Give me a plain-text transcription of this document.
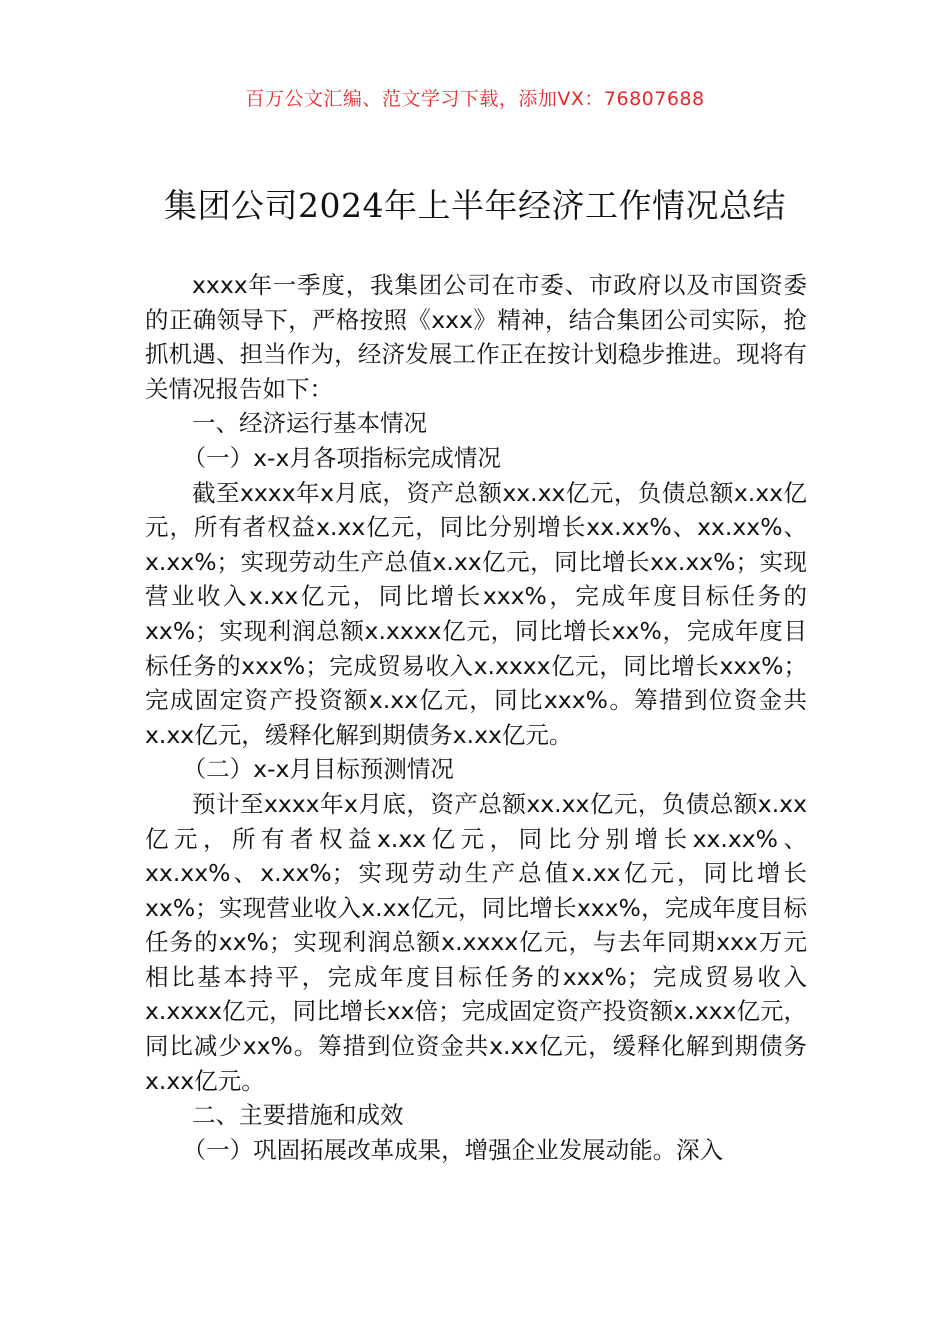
百万公文汇编、范文学习下载，添加VX：76807688
集团公司2024年上半年经济工作情况总结

xxxx年一季度，我集团公司在市委、市政府以及市国资委的正确领导下，严格按照《xxx》精神，结合集团公司实际，抢抓机遇、担当作为，经济发展工作正在按计划稳步推进。现将有关情况报告如下：

一、经济运行基本情况

（一）x-x月各项指标完成情况

截至xxxx年x月底，资产总额xx.xx亿元，负债总额x.xx亿元，所有者权益x.xx亿元，同比分别增长xx.xx%、xx.xx%、x.xx%；实现劳动生产总值x.xx亿元，同比增长xx.xx%；实现营业收入x.xx亿元，同比增长xxx%，完成年度目标任务的xx%；实现利润总额x.xxxx亿元，同比增长xx%，完成年度目标任务的xxx%；完成贸易收入x.xxxx亿元，同比增长xxx%；完成固定资产投资额x.xx亿元，同比xxx%。筹措到位资金共x.xx亿元，缓释化解到期债务x.xx亿元。

（二）x-x月目标预测情况

预计至xxxx年x月底，资产总额xx.xx亿元，负债总额x.xx亿元，所有者权益x.xx亿元，同比分别增长xx.xx%、xx.xx%、x.xx%；实现劳动生产总值x.xx亿元，同比增长xx%；实现营业收入x.xx亿元，同比增长xxx%，完成年度目标任务的xx%；实现利润总额x.xxxx亿元，与去年同期xxx万元相比基本持平，完成年度目标任务的xxx%；完成贸易收入x.xxxx亿元，同比增长xx倍；完成固定资产投资额x.xxx亿元，同比减少xx%。筹措到位资金共x.xx亿元，缓释化解到期债务x.xx亿元。

二、主要措施和成效

（一）巩固拓展改革成果，增强企业发展动能。深入
